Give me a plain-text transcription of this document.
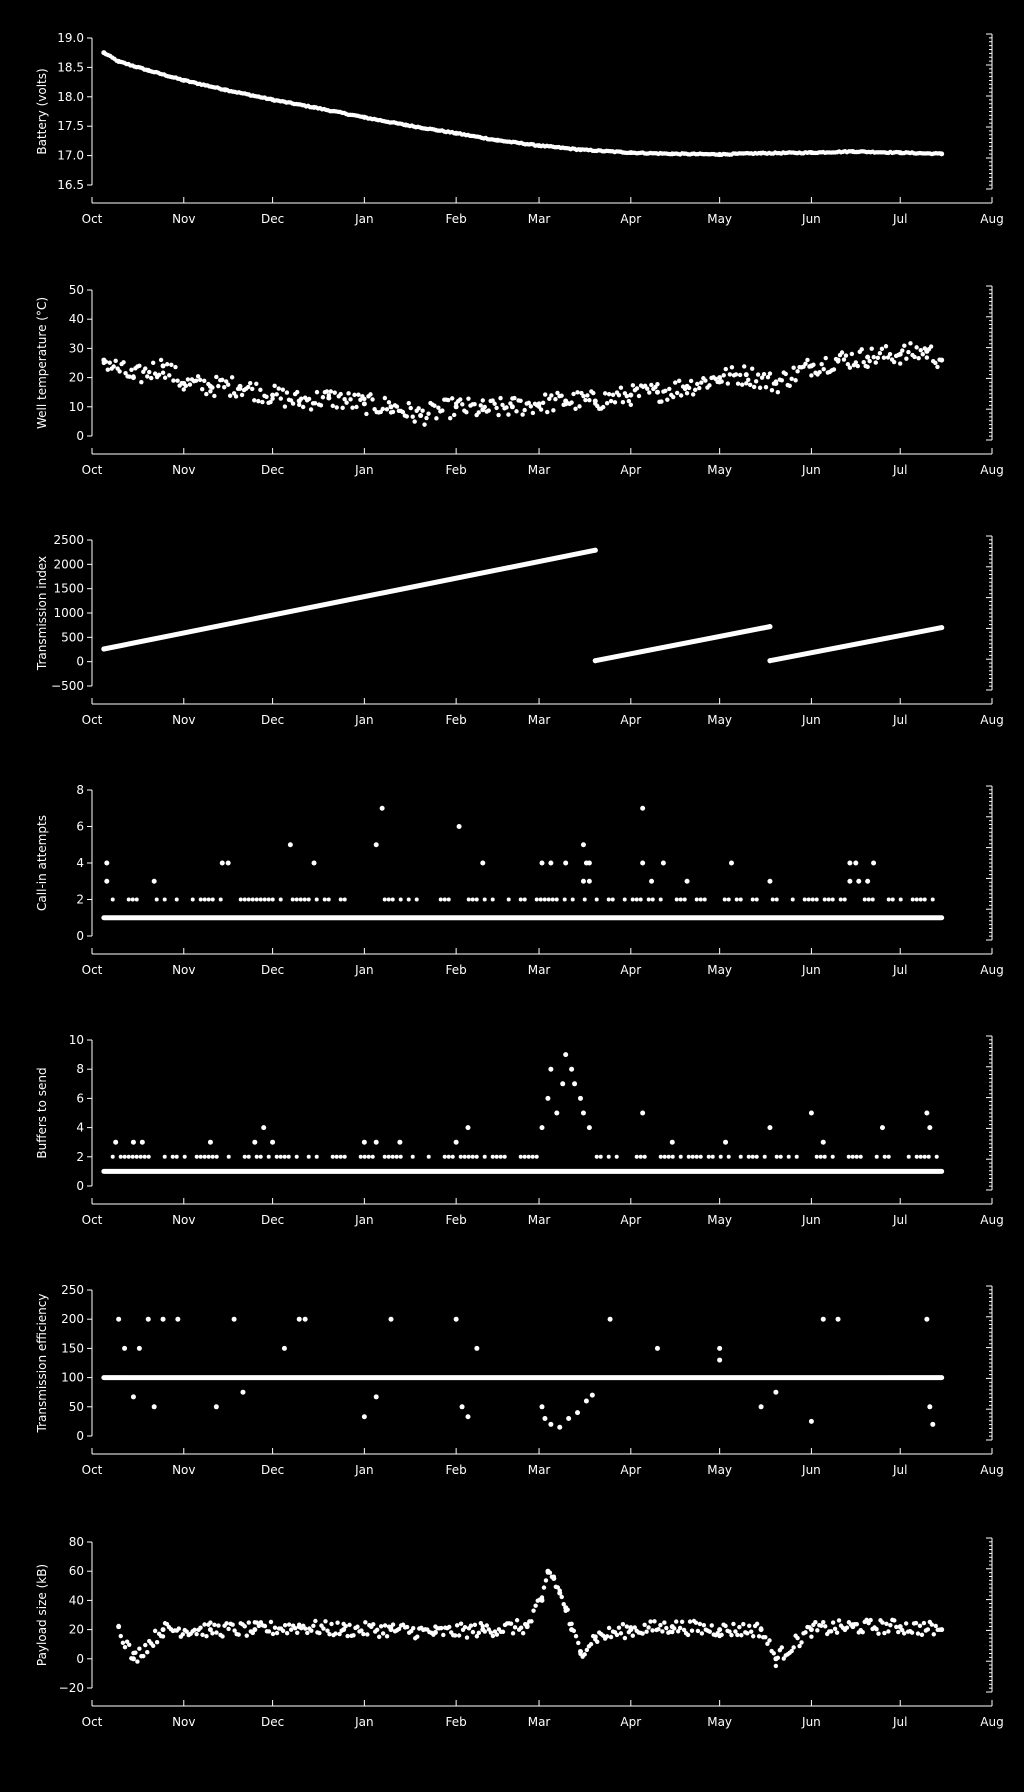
16.5
17.0
17.5
18.0
18.5
19.0
Battery (volts)
Oct	Nov	Dec	Jan	Feb	Mar	Apr	May	Jun	Jul	Aug
0
10
20
30
40
50
Well temperature (°C)
Oct	Nov	Dec	Jan	Feb	Mar	Apr	May	Jun	Jul	Aug
−500
0
500
1000
1500
2000
2500
Transmission index
Oct	Nov	Dec	Jan	Feb	Mar	Apr	May	Jun	Jul	Aug
0
2
4
6
8
Call-in attempts
Oct	Nov	Dec	Jan	Feb	Mar	Apr	May	Jun	Jul	Aug
0
2
4
6
8
10
Buffers to send
Oct	Nov	Dec	Jan	Feb	Mar	Apr	May	Jun	Jul	Aug
0
50
100
150
200
250
Transmission efficiency
Oct	Nov	Dec	Jan	Feb	Mar	Apr	May	Jun	Jul	Aug
−20
0
20
40
60
80
Payload size (kB)
Oct	Nov	Dec	Jan	Feb	Mar	Apr	May	Jun	Jul	Aug
